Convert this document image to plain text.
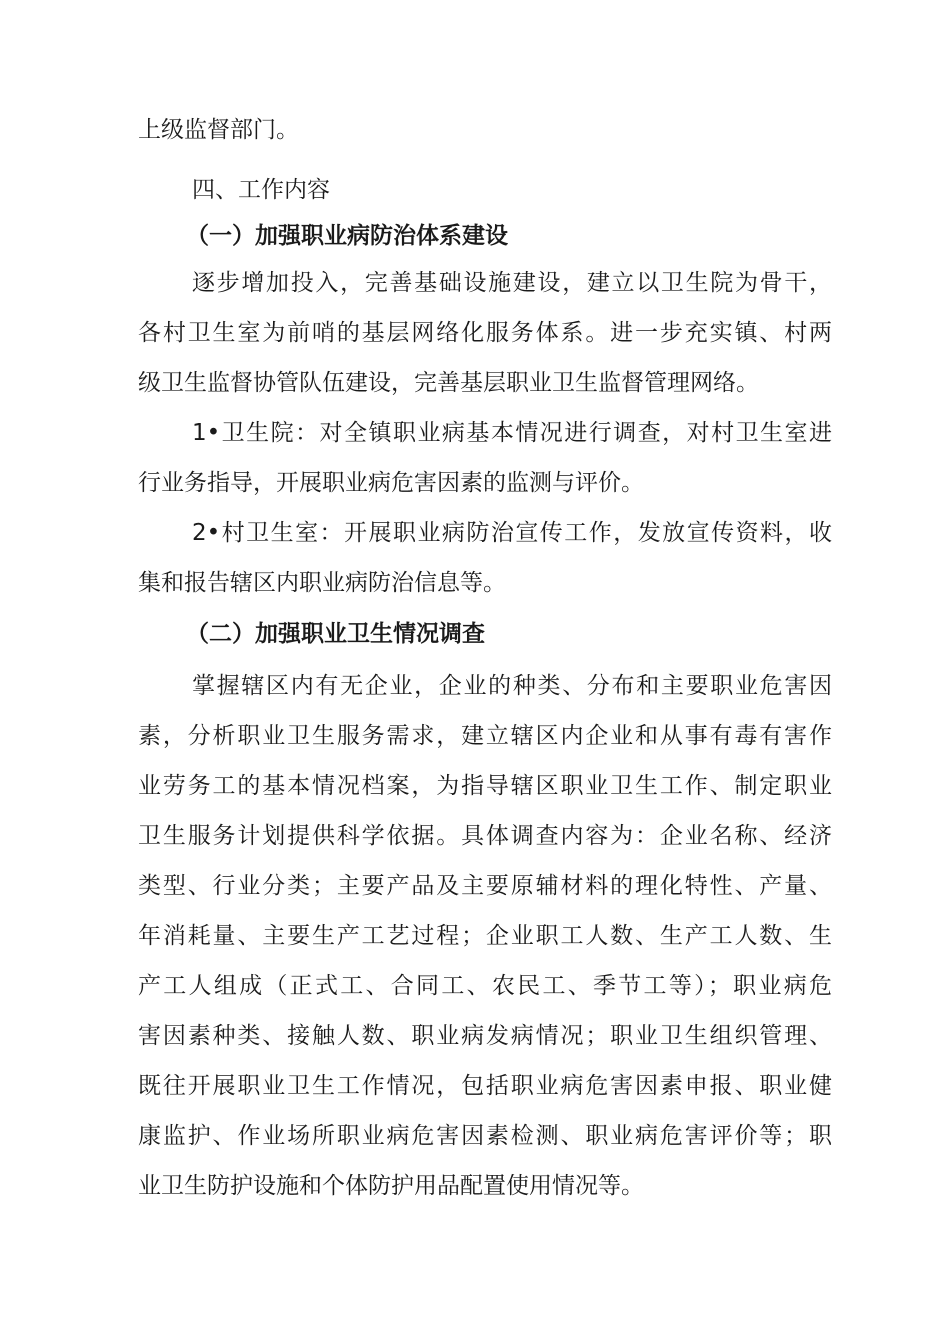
上级监督部门。
四、工作内容
（一）加强职业病防治体系建设
逐步增加投入，完善基础设施建设，建立以卫生院为骨干，
各村卫生室为前哨的基层网络化服务体系。进一步充实镇、村两
级卫生监督协管队伍建设，完善基层职业卫生监督管理网络。
1•卫生院：对全镇职业病基本情况进行调查，对村卫生室进
行业务指导，开展职业病危害因素的监测与评价。
2•村卫生室：开展职业病防治宣传工作，发放宣传资料，收
集和报告辖区内职业病防治信息等。
（二）加强职业卫生情况调查
掌握辖区内有无企业，企业的种类、分布和主要职业危害因
素，分析职业卫生服务需求，建立辖区内企业和从事有毒有害作
业劳务工的基本情况档案，为指导辖区职业卫生工作、制定职业
卫生服务计划提供科学依据。具体调查内容为：企业名称、经济
类型、行业分类；主要产品及主要原辅材料的理化特性、产量、
年消耗量、主要生产工艺过程；企业职工人数、生产工人数、生
产工人组成（正式工、合同工、农民工、季节工等）；职业病危
害因素种类、接触人数、职业病发病情况；职业卫生组织管理、
既往开展职业卫生工作情况，包括职业病危害因素申报、职业健
康监护、作业场所职业病危害因素检测、职业病危害评价等；职
业卫生防护设施和个体防护用品配置使用情况等。
